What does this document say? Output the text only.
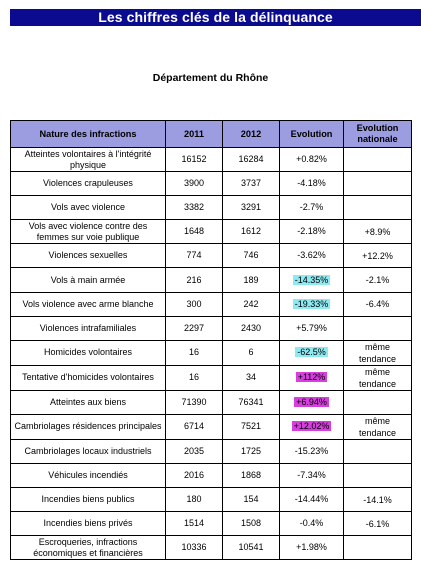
Les chiffres clés de la délinquance
Département du Rhône
Nature des infractions	2011	2012	Evolution	Evolution nationale
Atteintes volontaires à l'intégrité physique	16152	16284	+0.82%	
Violences crapuleuses	3900	3737	-4.18%	
Vols avec violence	3382	3291	-2.7%	
Vols avec violence contre des femmes sur voie publique	1648	1612	-2.18%	+8.9%
Violences sexuelles	774	746	-3.62%	+12.2%
Vols à main armée	216	189	-14.35%	-2.1%
Vols violence avec arme blanche	300	242	-19.33%	-6.4%
Violences intrafamiliales	2297	2430	+5.79%	
Homicides volontaires	16	6	-62.5%	même tendance
Tentative d'homicides volontaires	16	34	+112%	même tendance
Atteintes aux biens	71390	76341	+6.94%	
Cambriolages résidences principales	6714	7521	+12.02%	même tendance
Cambriolages locaux industriels	2035	1725	-15.23%	
Véhicules incendiés	2016	1868	-7.34%	
Incendies biens publics	180	154	-14.44%	-14.1%
Incendies biens privés	1514	1508	-0.4%	-6.1%
Escroqueries, infractions économiques et financières	10336	10541	+1.98%	
